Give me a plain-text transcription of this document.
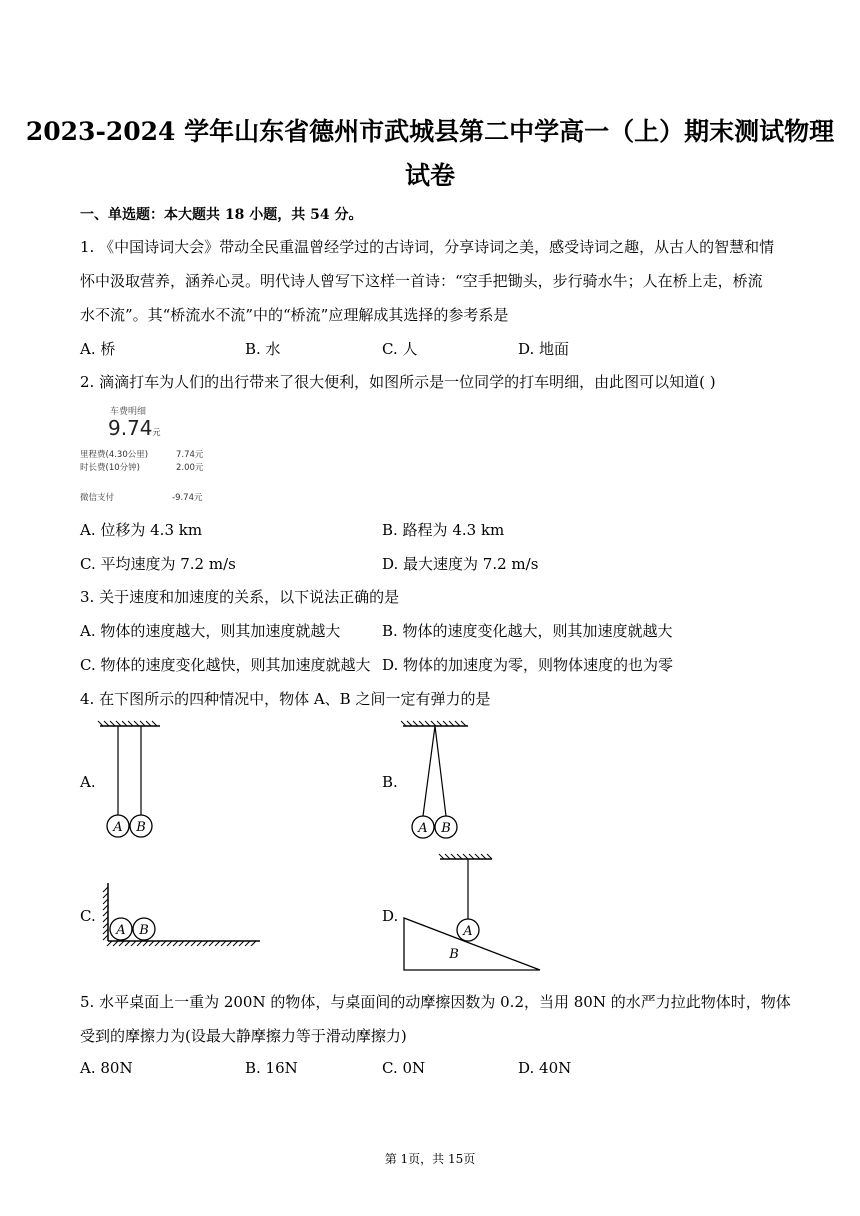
2023-2024 学年山东省德州市武城县第二中学高一（上）期末测试物理
试卷
一、单选题：本大题共 18 小题，共 54 分。
1. 《中国诗词大会》带动全民重温曾经学过的古诗词，分享诗词之美，感受诗词之趣，从古人的智慧和情
怀中汲取营养，涵养心灵。明代诗人曾写下这样一首诗：“空手把锄头，步行骑水牛；人在桥上走，桥流
水不流”。其“桥流水不流”中的“桥流”应理解成其选择的参考系是
A. 桥	B. 水	C. 人	D. 地面
2. 滴滴打车为人们的出行带来了很大便利，如图所示是一位同学的打车明细，由此图可以知道( )
车费明细
9.74元
里程费(4.30公里)	7.74元
时长费(10分钟)	2.00元
微信支付	-9.74元
A. 位移为 4.3 km	B. 路程为 4.3 km
C. 平均速度为 7.2 m/s	D. 最大速度为 7.2 m/s
3. 关于速度和加速度的关系，以下说法正确的是
A. 物体的速度越大，则其加速度就越大	B. 物体的速度变化越大，则其加速度就越大
C. 物体的速度变化越快，则其加速度就越大 D. 物体的加速度为零，则物体速度的也为零
4. 在下图所示的四种情况中，物体 A、B 之间一定有弹力的是
A.	B.
C.	D.
A B	A B
A B	A
B
5. 水平桌面上一重为 200N 的物体，与桌面间的动摩擦因数为 0.2，当用 80N 的水严力拉此物体时，物体
受到的摩擦力为(设最大静摩擦力等于滑动摩擦力)
A. 80N	B. 16N	C. 0N	D. 40N
第 1页，共 15页
